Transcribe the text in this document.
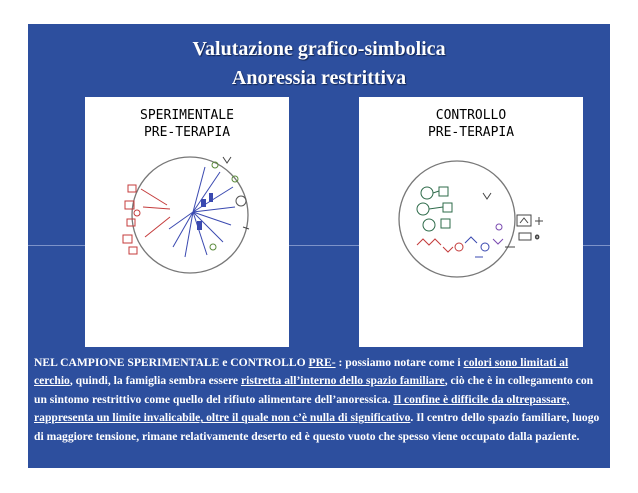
Valutazione grafico-simbolica
Anoressia restrittiva
SPERIMENTALE
PRE-TERAPIA
CONTROLLO
PRE-TERAPIA
o
NEL CAMPIONE SPERIMENTALE e CONTROLLO PRE- : possiamo notare come i colori sono limitati al cerchio, quindi, la famiglia sembra essere ristretta all’interno dello spazio familiare, ciò che è in collegamento con un sintomo restrittivo come quello del rifiuto alimentare dell’anoressica. Il confine è difficile da oltrepassare, rappresenta un limite invalicabile, oltre il quale non c’è nulla di significativo. Il centro dello spazio familiare, luogo di maggiore tensione, rimane relativamente deserto ed è questo vuoto che spesso viene occupato dalla paziente.
